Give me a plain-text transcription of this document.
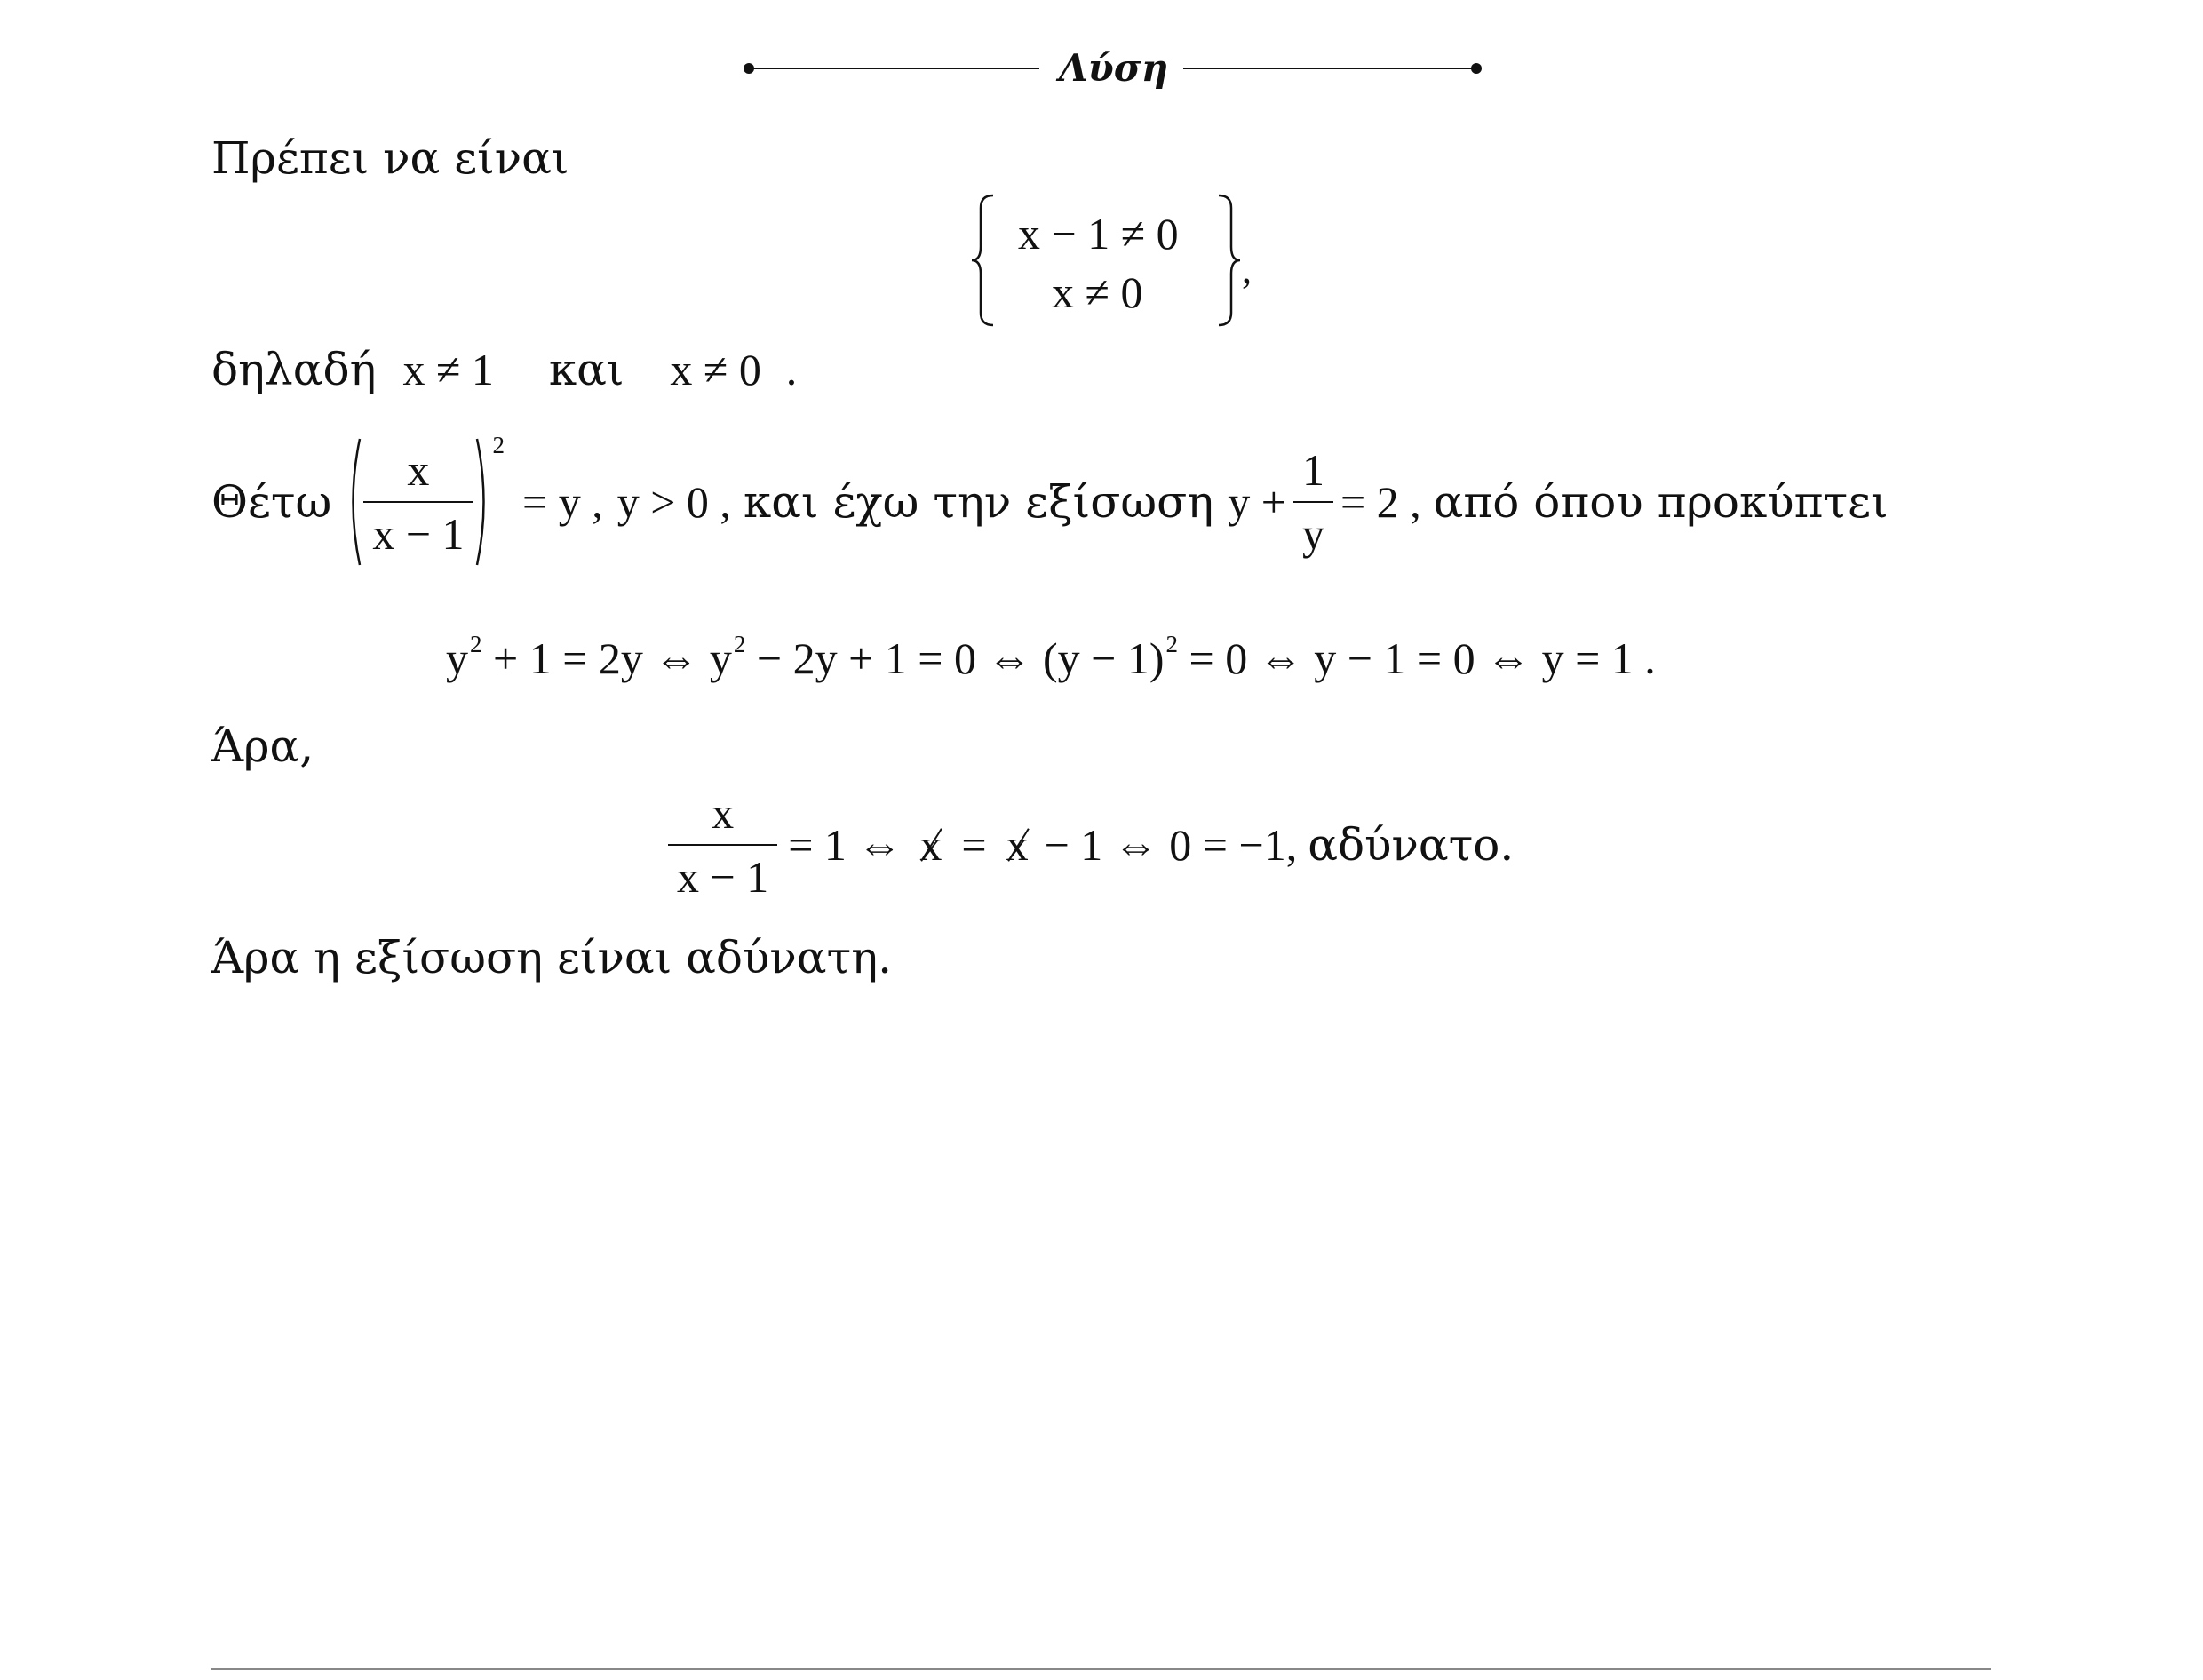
Λύση
Πρέπει να είναι
x − 1 ≠ 0
x ≠ 0	,
δηλαδή x ≠ 1 και x ≠ 0 .
Θέτω $\frac{x}{x - 1}$
2
= y , y > 0 , και έχω την εξίσωση $y + \frac{1}{y} = 2$ , από όπου προκύπτει
$y^2 + 1 = 2y$ ⇔ $y^2 - 2y + 1 = 0$ ⇔ $(y - 1)^2 = 0$ ⇔ y − 1 = 0 ⇔ y = 1 .
Άρα,
$\frac{x}{x - 1} = 1$ ⇔ x = x − 1 ⇔ 0 = −1, αδύνατο.
Άρα η εξίσωση είναι αδύνατη.
